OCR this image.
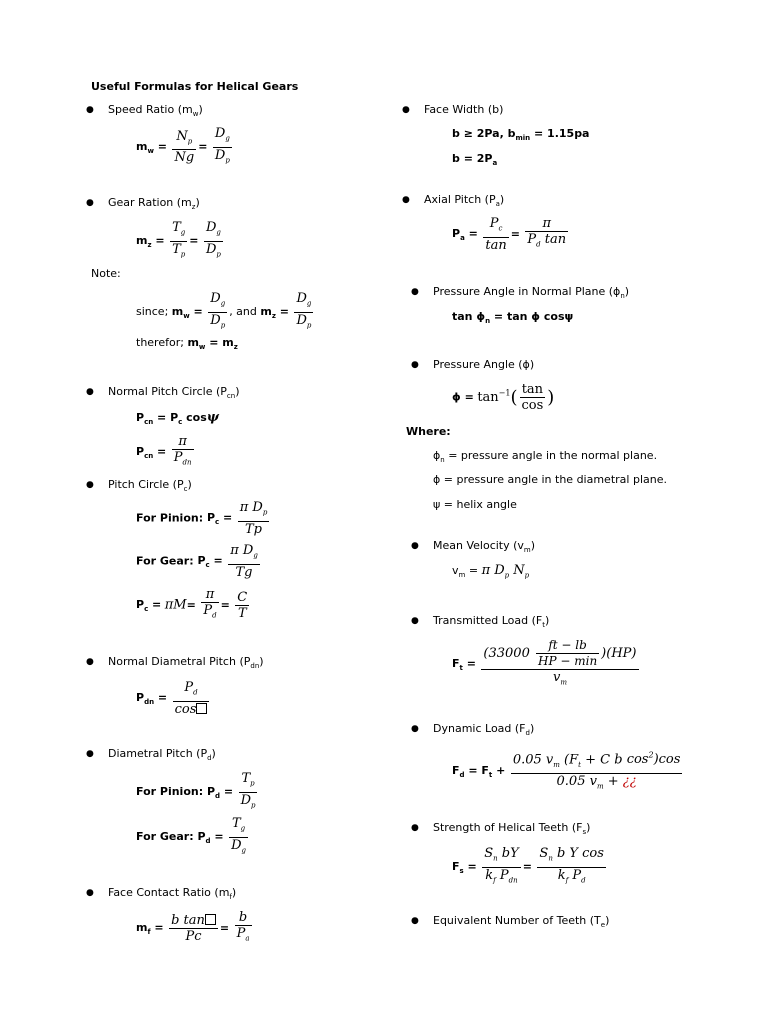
Useful Formulas for Helical Gears
● Speed Ratio $(m_w)$
$m_w = \frac{N_p}{Ng} = \frac{D_g}{D_p}$
● Gear Ration $(m_z)$
$m_z = \frac{T_g}{T_p} = \frac{D_g}{D_p}$
Note:
since; $m_w = \frac{D_g}{D_p}$ , and $m_z = \frac{D_g}{D_p}$
therefor; $m_w = m_z$
● Normal Pitch Circle $(P_{cn})$
$P_{cn} = P_c$ cosψ
$P_{cn} = \frac{\pi}{P_{dn}}$
● Pitch Circle $(P_c)$
For Pinion: $P_c = \frac{\pi D_p}{Tp}$
For Gear: $P_c = \frac{\pi D_g}{Tg}$
$P_c = \pi M= \frac{\pi}{P_d} = \frac{C}{T}$
● Normal Diametral Pitch $(P_{dn})$
$P_{dn} = \frac{P_d}{\cos}$
● Diametral Pitch $(P_d)$
For Pinion: $P_d = \frac{T_p}{D_p}$
For Gear: $P_d = \frac{T_g}{D_g}$
● Face Contact Ratio $(m_f)$
$m_f = \frac{\text{b tan}}{Pc} = \frac{b}{P_a}$
● Face Width (b)
b ≥ 2Pa, $b_{min} = 1.15pa$
$b = 2P_a$
● Axial Pitch $(P_a)$
$P_a = \frac{P_c}{\tan} = \frac{\pi}{P_d \tan}$
● Pressure Angle in Normal Plane $(\phi_n)$
$\tan \phi_n = \tan \phi$ cosψ
● Pressure Angle (ϕ)
$\phi = \tan^{-1}( \frac{\tan}{\cos}$ )
Where:
$\phi_n$ = pressure angle in the normal plane.
ϕ = pressure angle in the diametral plane.
ψ = helix angle
● Mean Velocity $(v_m)$
$v_m = \pi$ $D_p$ $N_p$
● Transmitted Load $(F_t)$
$F_t = \frac{(33000 \frac{ft - lb}{HP - \min} )(HP)}{v_m}$
● Dynamic Load $(F_d)$
$F_d = F_t + \frac{0.05 v_m (F_t + C b \cos^2)\cos}{0.05 v_m + ¿¿}$
● Strength of Helical Teeth $(F_s)$
$F_s = \frac{S_n bY}{k_f P_{dn}} = \frac{S_n b Y \cos}{k_f P_d}$
● Equivalent Number of Teeth $(T_e)$
